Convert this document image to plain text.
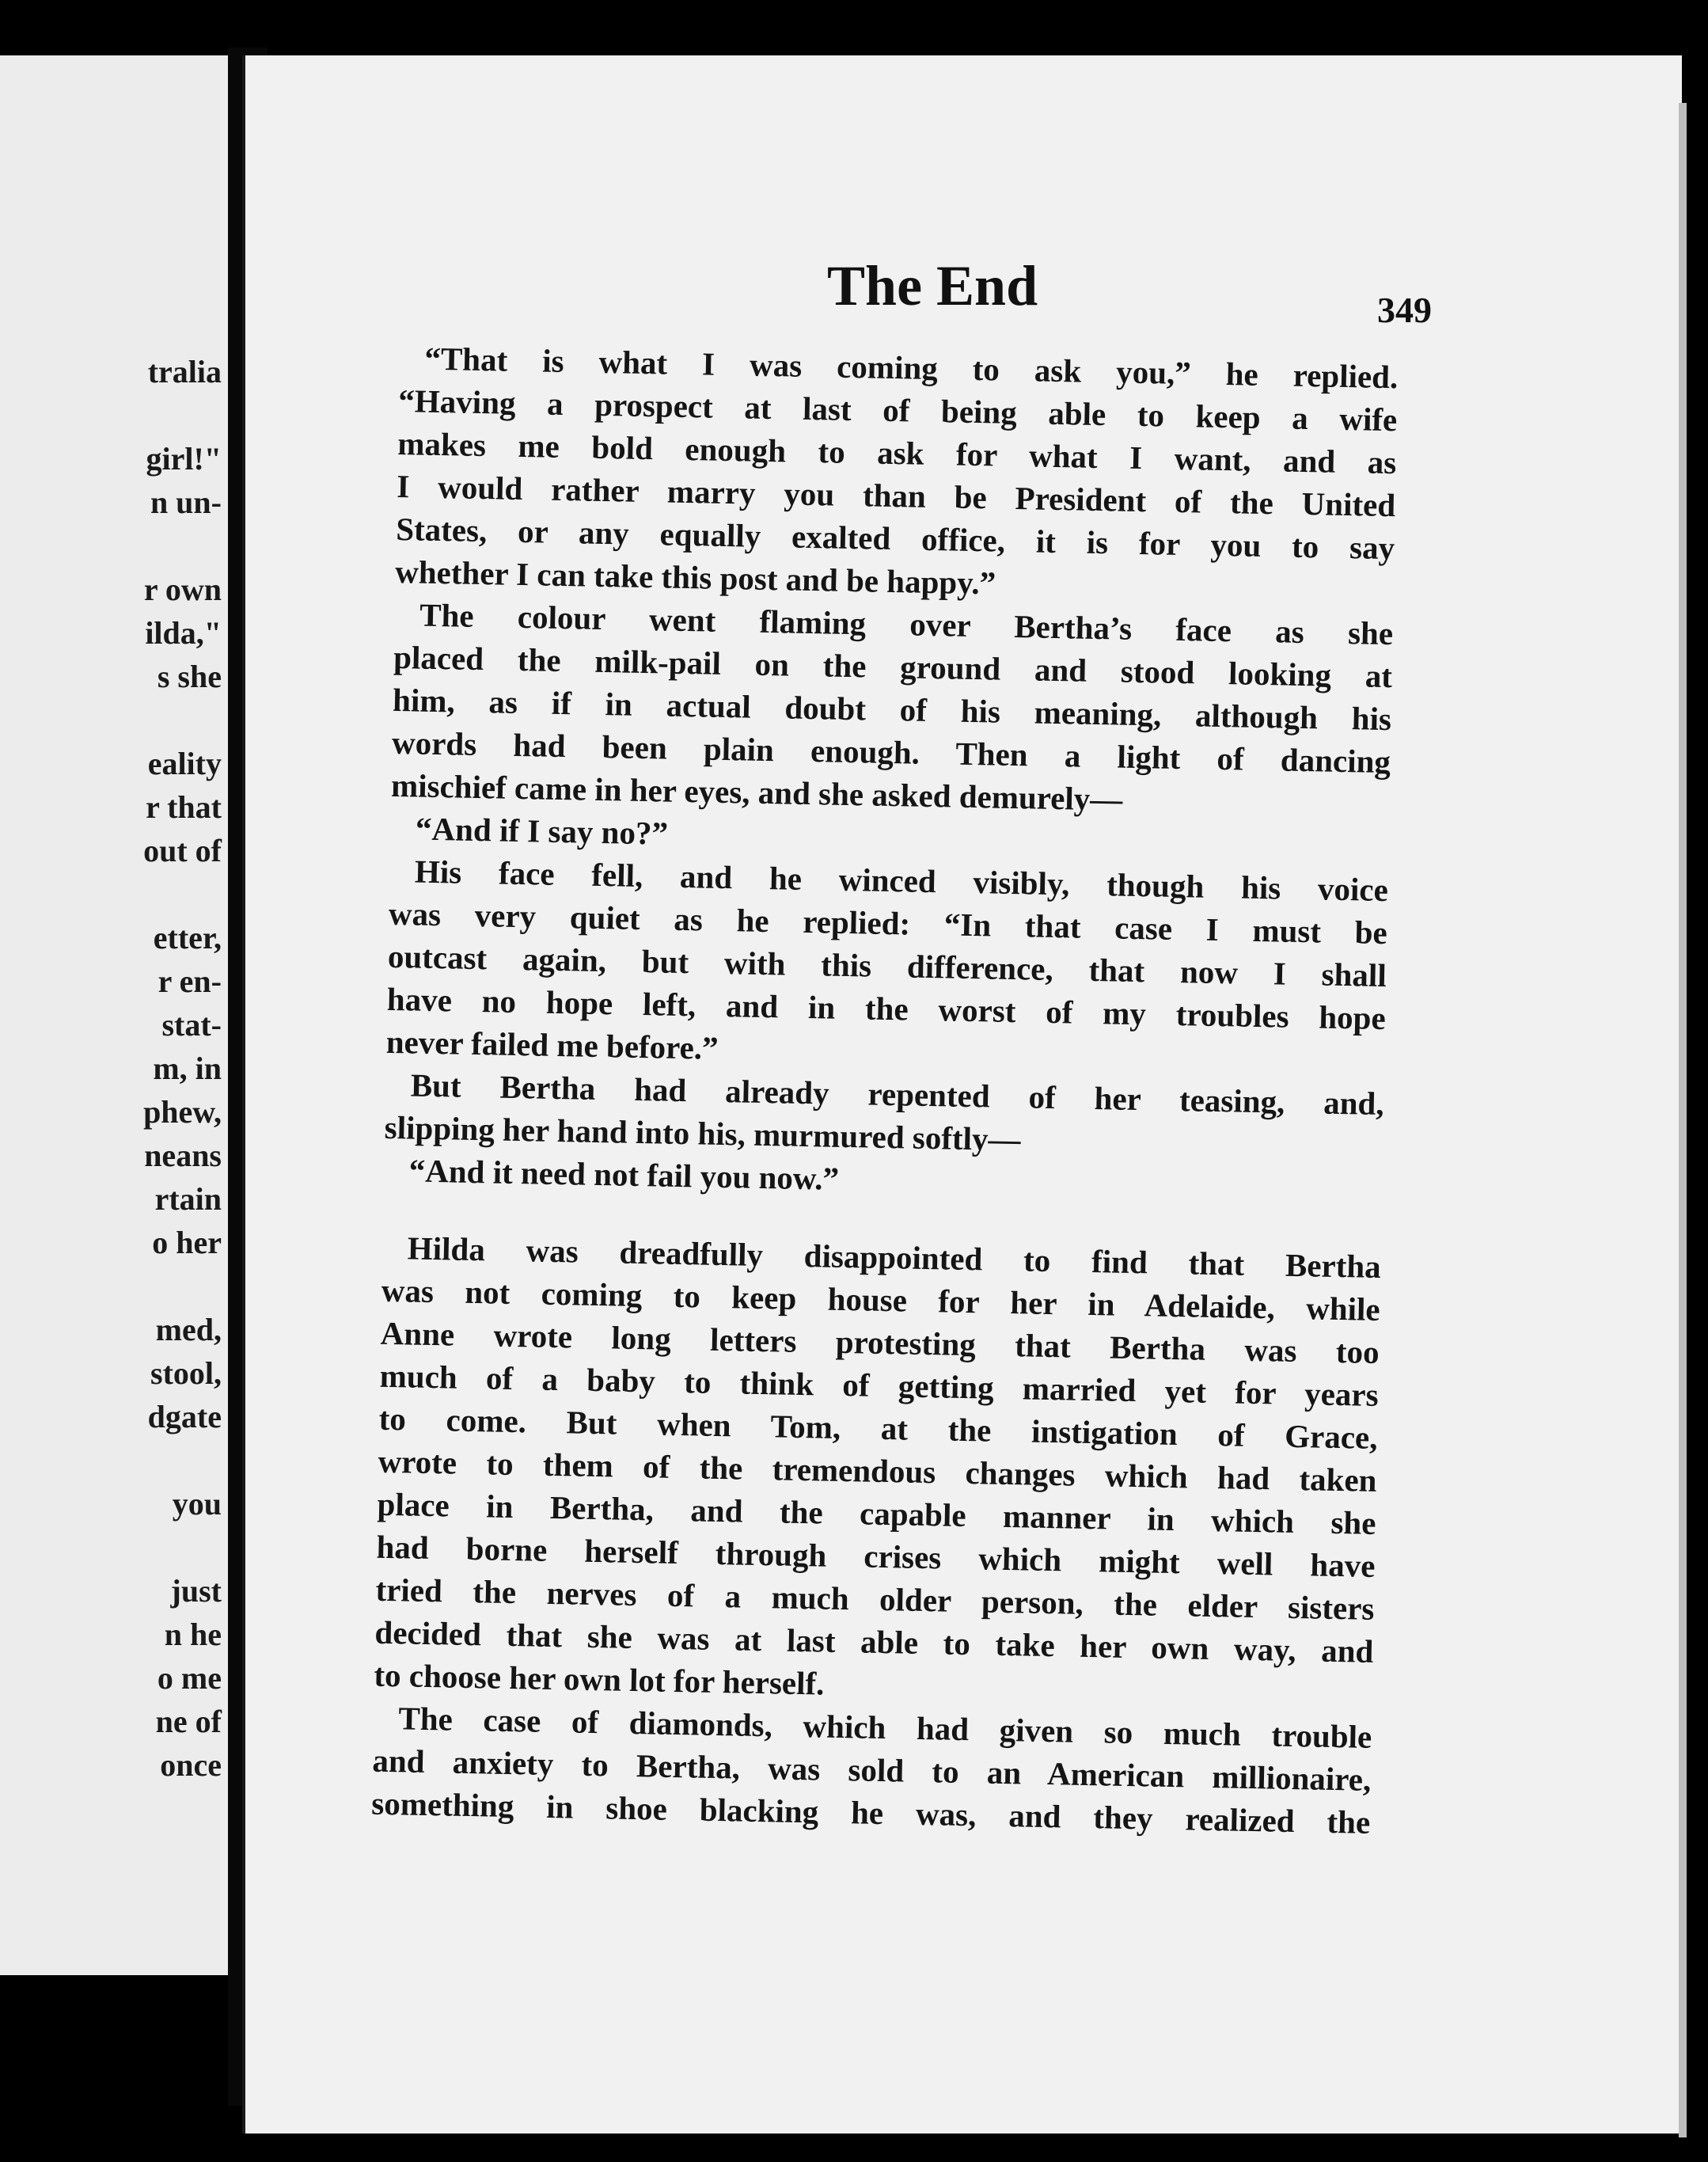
tralia
girl!"
n un-
r own
ilda,"
s she
eality
r that
out of
etter,
r en-
stat-
m, in
phew,
neans
rtain
o her
med,
stool,
dgate
you
just
n he
o me
ne of
once
The End	349
“That is what I was coming to ask you,” he replied.
“Having a prospect at last of being able to keep a wife
makes me bold enough to ask for what I want, and as
I would rather marry you than be President of the United
States, or any equally exalted office, it is for you to say
whether I can take this post and be happy.”
The colour went flaming over Bertha’s face as she
placed the milk-pail on the ground and stood looking at
him, as if in actual doubt of his meaning, although his
words had been plain enough. Then a light of dancing
mischief came in her eyes, and she asked demurely—
“And if I say no?”
His face fell, and he winced visibly, though his voice
was very quiet as he replied: “In that case I must be
outcast again, but with this difference, that now I shall
have no hope left, and in the worst of my troubles hope
never failed me before.”
But Bertha had already repented of her teasing, and,
slipping her hand into his, murmured softly—
“And it need not fail you now.”
Hilda was dreadfully disappointed to find that Bertha
was not coming to keep house for her in Adelaide, while
Anne wrote long letters protesting that Bertha was too
much of a baby to think of getting married yet for years
to come. But when Tom, at the instigation of Grace,
wrote to them of the tremendous changes which had taken
place in Bertha, and the capable manner in which she
had borne herself through crises which might well have
tried the nerves of a much older person, the elder sisters
decided that she was at last able to take her own way, and
to choose her own lot for herself.
The case of diamonds, which had given so much trouble
and anxiety to Bertha, was sold to an American millionaire,
something in shoe blacking he was, and they realized the
